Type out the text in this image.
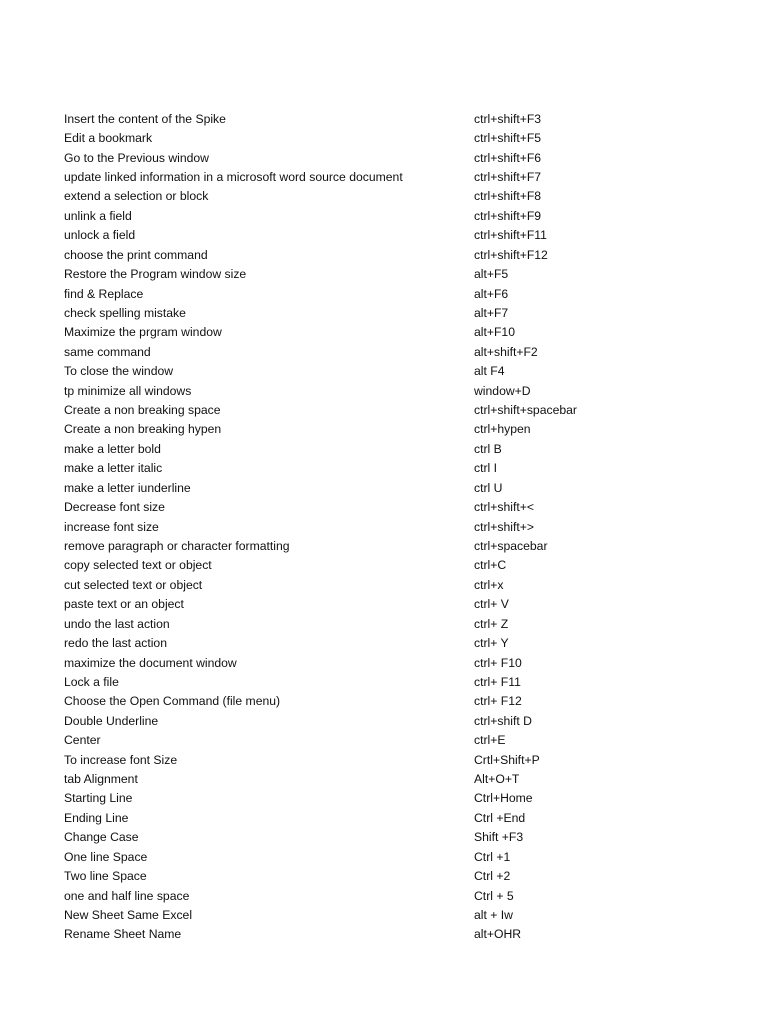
Insert the content of the Spike	ctrl+shift+F3
Edit a bookmark	ctrl+shift+F5
Go to the Previous window	ctrl+shift+F6
update linked information in a microsoft word source document	ctrl+shift+F7
extend a selection or block	ctrl+shift+F8
unlink a field	ctrl+shift+F9
unlock a field	ctrl+shift+F11
choose the print command	ctrl+shift+F12
Restore the Program window size	alt+F5
find & Replace	alt+F6
check spelling mistake	alt+F7
Maximize the prgram window	alt+F10
same command	alt+shift+F2
To close the window	alt F4
tp minimize all windows	window+D
Create a non breaking space	ctrl+shift+spacebar
Create a non breaking hypen	ctrl+hypen
make a letter bold	ctrl B
make a letter italic	ctrl I
make a letter iunderline	ctrl U
Decrease font size	ctrl+shift+<
increase font size	ctrl+shift+>
remove paragraph or character formatting	ctrl+spacebar
copy selected text or object	ctrl+C
cut selected text or object	ctrl+x
paste text or an object	ctrl+ V
undo the last action	ctrl+ Z
redo the last action	ctrl+ Y
maximize the document window	ctrl+ F10
Lock a file	ctrl+ F11
Choose the Open Command (file menu)	ctrl+ F12
Double Underline	ctrl+shift D
Center	ctrl+E
To increase font Size	Crtl+Shift+P
tab Alignment	Alt+O+T
Starting Line	Ctrl+Home
Ending Line	Ctrl +End
Change Case	Shift +F3
One line Space	Ctrl +1
Two line Space	Ctrl +2
one and half line space	Ctrl + 5
New Sheet Same Excel	alt + Iw
Rename Sheet Name	alt+OHR
